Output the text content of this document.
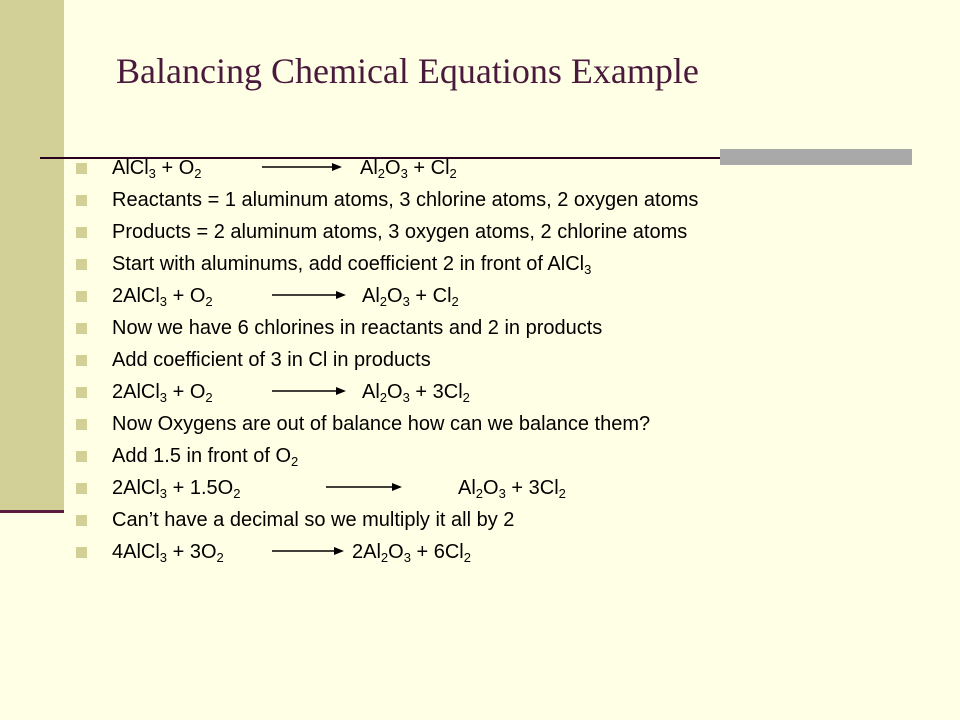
Balancing Chemical Equations Example
AlCl$_3$ + $O_2$	$Al_2O_3 + Cl_2$
Reactants = 1 aluminum atoms, 3 chlorine atoms, 2 oxygen atoms
Products = 2 aluminum atoms, 3 oxygen atoms, 2 chlorine atoms
Start with aluminums, add coefficient 2 in front of AlCl$_3$
2AlCl$_3$ + $O_2$	$Al_2O_3 + Cl_2$
Now we have 6 chlorines in reactants and 2 in products
Add coefficient of 3 in Cl in products
2AlCl$_3$ + $O_2$	$Al_2O_3 + 3Cl_2$
Now Oxygens are out of balance how can we balance them?
Add 1.5 in front of $O_2$
2AlCl$_3$ + $1.5O_2$	$Al_2O_3 + 3Cl_2$
Can’t have a decimal so we multiply it all by 2
4AlCl$_3$ + $3O_2$	$2Al_2O_3 + 6Cl_2$
